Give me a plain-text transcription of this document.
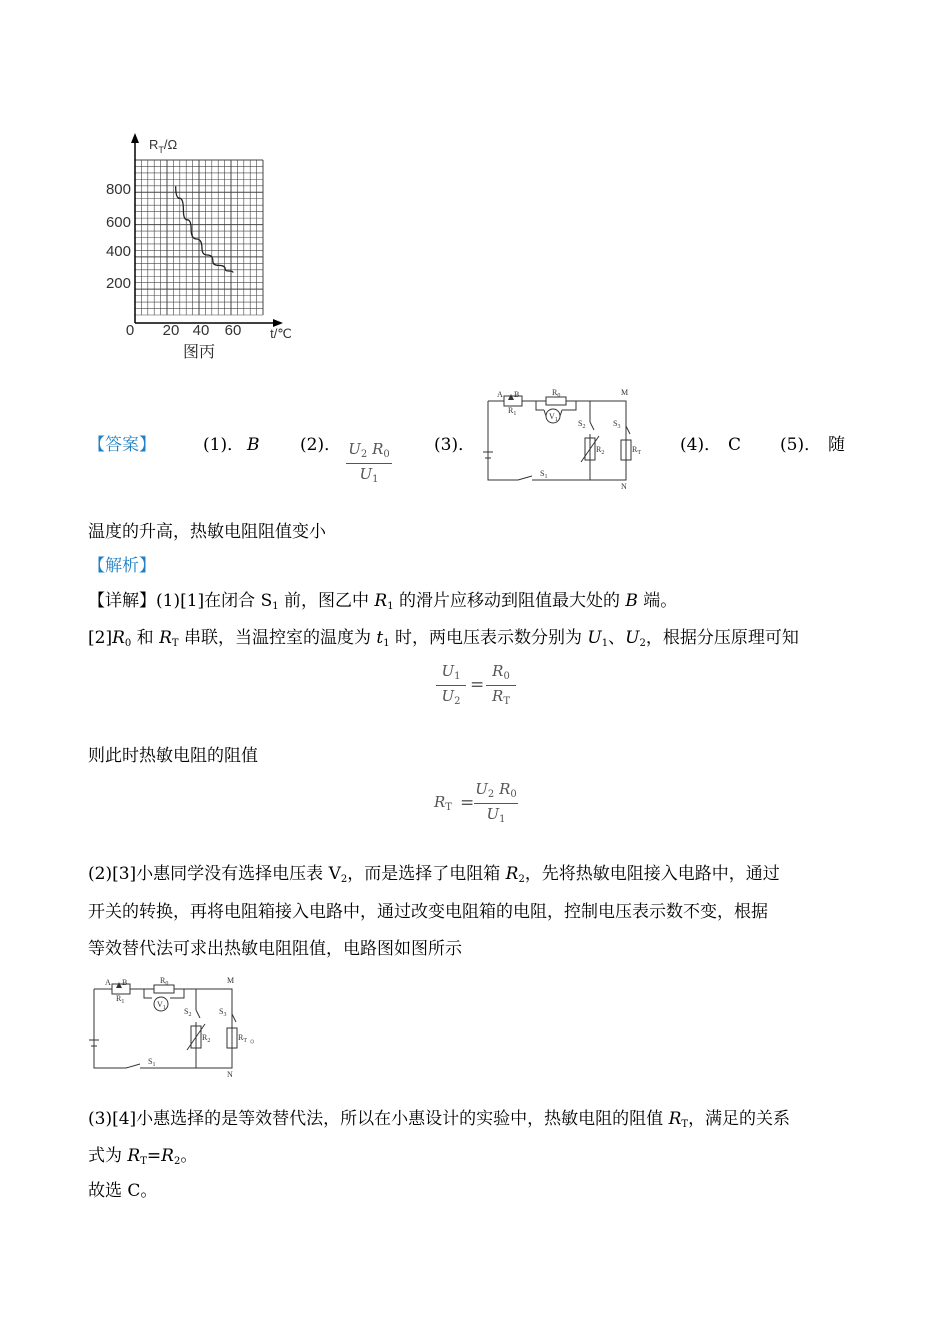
$R_T/\Omega$
800
600
400
200
0 20 40 60 t/℃
图丙
【答案】	(1)． B (2)． $U_2$ $R_0$
$U_1$
(3)．
A B
$R_1$
$R_0$
$V_1$
M
N
$S_2$	$S_3$
$R_2$	$R_T$
$S_1$
(4)． C (5)． 随
温度的升高，热敏电阻阻值变小
【解析】
【详解】(1)[1]在闭合 $S_1$ 前，图乙中 $R_1$ 的滑片应移动到阻值最大处的 B 端。
$[2]R_0$ 和 $R_T$ 串联，当温控室的温度为 $t_1$ 时，两电压表示数分别为 $U_1$、$U_2$，根据分压原理可知
$U_1$
$U_2$
=
$R_0$
$R_T$
则此时热敏电阻的阻值
$R_T$ =
$U_2$ $R_0$
$U_1$
(2)[3]小惠同学没有选择电压表 $V_2$，而是选择了电阻箱 $R_2$，先将热敏电阻接入电路中，通过
开关的转换，再将电阻箱接入电路中，通过改变电阻箱的电阻，控制电压表示数不变，根据
等效替代法可求出热敏电阻阻值，电路图如图所示
A B
$R_1$
$R_0$
$V_1$
M
N
$S_2$	$S_3$
$R_2$	$R_T$
$S_1$
。
(3)[4]小惠选择的是等效替代法，所以在小惠设计的实验中，热敏电阻的阻值 $R_T$，满足的关系
式为 $R_T=R_2$。
故选 C。
